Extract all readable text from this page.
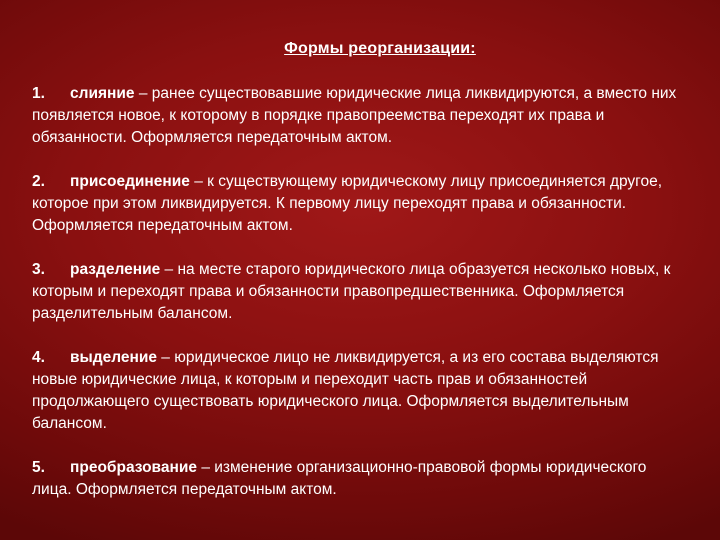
Формы реорганизации:

1. слияние – ранее существовавшие юридические лица ликвидируются, а вместо них появляется новое, к которому в порядке правопреемства переходят их права и обязанности. Оформляется передаточным актом.

2. присоединение – к существующему юридическому лицу присоединяется другое, которое при этом ликвидируется. К первому лицу переходят права и обязанности. Оформляется передаточным актом.

3. разделение – на месте старого юридического лица образуется несколько новых, к которым и переходят права и обязанности правопредшественника. Оформляется разделительным балансом.

4. выделение – юридическое лицо не ликвидируется, а из его состава выделяются новые юридические лица, к которым и переходит часть прав и обязанностей продолжающего существовать юридического лица. Оформляется выделительным балансом.

5. преобразование – изменение организационно-правовой формы юридического лица. Оформляется передаточным актом.
